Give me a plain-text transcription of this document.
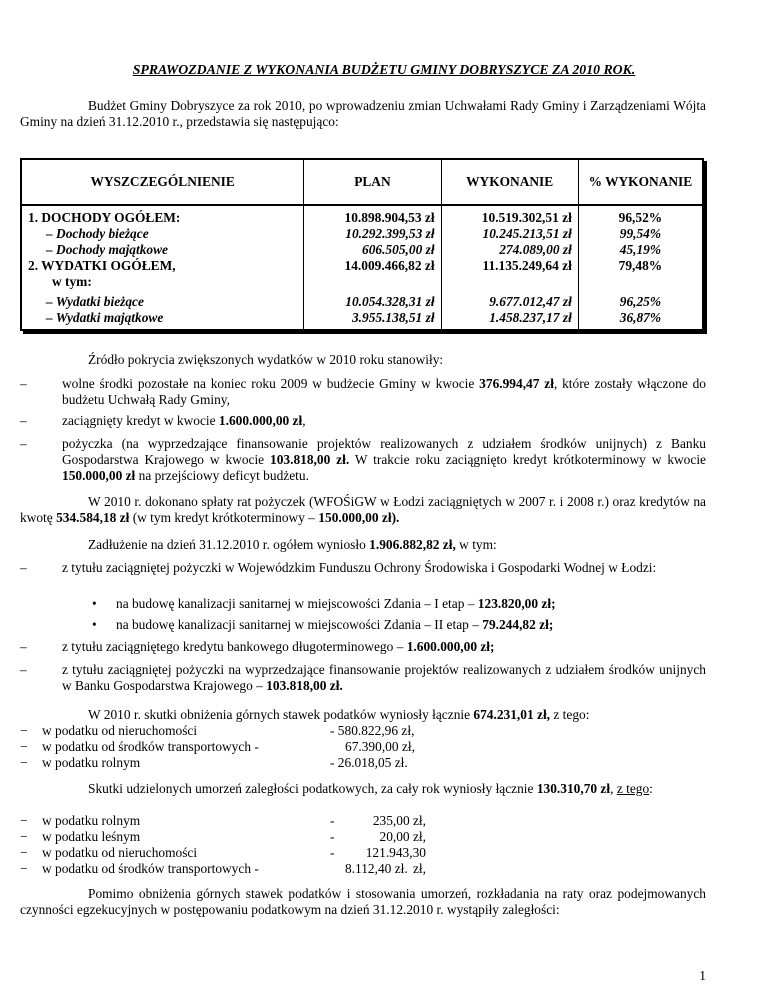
SPRAWOZDANIE Z WYKONANIA BUDŻETU GMINY DOBRYSZYCE ZA 2010 ROK.
Budżet Gminy Dobryszyce za rok 2010, po wprowadzeniu zmian Uchwałami Rady Gminy i Zarządzeniami Wójta Gminy na dzień 31.12.2010 r., przedstawia się następująco:
WYSZCZEGÓLNIENIE	PLAN	WYKONANIE	% WYKONANIE
1. DOCHODY OGÓŁEM:	10.898.904,53 zł	10.519.302,51 zł	96,52%
– Dochody bieżące	10.292.399,53 zł	10.245.213,51 zł	99,54%
– Dochody majątkowe	606.505,00 zł	274.089,00 zł	45,19%
2. WYDATKI OGÓŁEM,	14.009.466,82 zł	11.135.249,64 zł	79,48%
w tym:			
– Wydatki bieżące	10.054.328,31 zł	9.677.012,47 zł	96,25%
– Wydatki majątkowe	3.955.138,51 zł	1.458.237,17 zł	36,87%
Źródło pokrycia zwiększonych wydatków w 2010 roku stanowiły:
–	wolne środki pozostałe na koniec roku 2009 w budżecie Gminy w kwocie 376.994,47 zł, które zostały włączone do budżetu Uchwałą Rady Gminy,
–	zaciągnięty kredyt w kwocie 1.600.000,00 zł,
–	pożyczka (na wyprzedzające finansowanie projektów realizowanych z udziałem środków unijnych) z Banku Gospodarstwa Krajowego w kwocie 103.818,00 zł. W trakcie roku zaciągnięto kredyt krótkoterminowy w kwocie 150.000,00 zł na przejściowy deficyt budżetu.
W 2010 r. dokonano spłaty rat pożyczek (WFOŚiGW w Łodzi zaciągniętych w 2007 r. i 2008 r.) oraz kredytów na kwotę 534.584,18 zł (w tym kredyt krótkoterminowy – 150.000,00 zł).
Zadłużenie na dzień 31.12.2010 r. ogółem wyniosło 1.906.882,82 zł, w tym:
–	z tytułu zaciągniętej pożyczki w Wojewódzkim Funduszu Ochrony Środowiska i Gospodarki Wodnej w Łodzi:
• na budowę kanalizacji sanitarnej w miejscowości Zdania – I etap – 123.820,00 zł;
• na budowę kanalizacji sanitarnej w miejscowości Zdania – II etap – 79.244,82 zł;
–	z tytułu zaciągniętego kredytu bankowego długoterminowego – 1.600.000,00 zł;
–	z tytułu zaciągniętej pożyczki na wyprzedzające finansowanie projektów realizowanych z udziałem środków unijnych w Banku Gospodarstwa Krajowego – 103.818,00 zł.
W 2010 r. skutki obniżenia górnych stawek podatków wyniosły łącznie 674.231,01 zł, z tego:
− w podatku od nieruchomości	- 580.822,96 zł,
− w podatku od środków transportowych -	67.390,00 zł,
− w podatku rolnym	- 26.018,05 zł.
Skutki udzielonych umorzeń zaległości podatkowych, za cały rok wyniosły łącznie 130.310,70 zł, z tego:
− w podatku rolnym	-	235,00 zł,
− w podatku leśnym	-	20,00 zł,
− w podatku od nieruchomości	-	121.943,30 zł,
− w podatku od środków transportowych -	8.112,40 zł.
Pomimo obniżenia górnych stawek podatków i stosowania umorzeń, rozkładania na raty oraz podejmowanych czynności egzekucyjnych w postępowaniu podatkowym na dzień 31.12.2010 r. wystąpiły zaległości:
1
